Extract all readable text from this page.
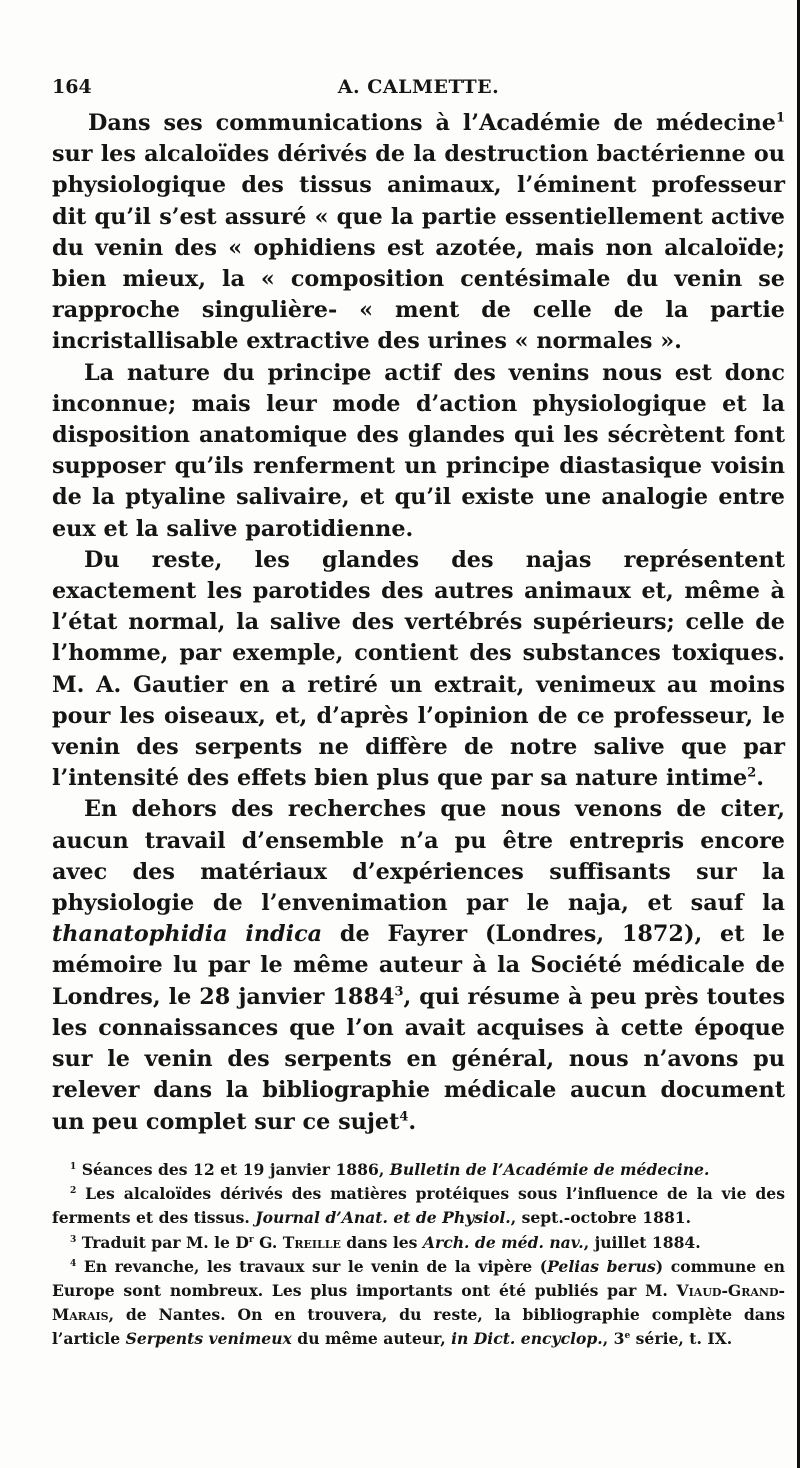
164	A. CALMETTE.

Dans ses communications à l’Académie de médecine$^1$ sur les alcaloïdes dérivés de la destruction bactérienne ou physiologique des tissus animaux, l’éminent professeur dit qu’il s’est assuré « que la partie essentiellement active du venin des « ophidiens est azotée, mais non alcaloïde; bien mieux, la « composition centésimale du venin se rapproche singulière- « ment de celle de la partie incristallisable extractive des urines « normales ».

La nature du principe actif des venins nous est donc inconnue; mais leur mode d’action physiologique et la disposition anatomique des glandes qui les sécrètent font supposer qu’ils renferment un principe diastasique voisin de la ptyaline salivaire, et qu’il existe une analogie entre eux et la salive parotidienne.

Du reste, les glandes des najas représentent exactement les parotides des autres animaux et, même à l’état normal, la salive des vertébrés supérieurs; celle de l’homme, par exemple, contient des substances toxiques. M. A. Gautier en a retiré un extrait, venimeux au moins pour les oiseaux, et, d’après l’opinion de ce professeur, le venin des serpents ne diffère de notre salive que par l’intensité des effets bien plus que par sa nature intime$^2$.

En dehors des recherches que nous venons de citer, aucun travail d’ensemble n’a pu être entrepris encore avec des matériaux d’expériences suffisants sur la physiologie de l’envenimation par le naja, et sauf la thanatophidia indica de Fayrer (Londres, 1872), et le mémoire lu par le même auteur à la Société médicale de Londres, le 28 janvier 1884$^3$, qui résume à peu près toutes les connaissances que l’on avait acquises à cette époque sur le venin des serpents en général, nous n’avons pu relever dans la bibliographie médicale aucun document un peu complet sur ce sujet$^4$.

$^1$ Séances des 12 et 19 janvier 1886, Bulletin de l’Académie de médecine.

$^2$ Les alcaloïdes dérivés des matières protéiques sous l’influence de la vie des ferments et des tissus. Journal d’Anat. et de Physiol., sept.-octobre 1881.

$^3$ Traduit par M. le $D^r$ G. Treille dans les Arch. de méd. nav., juillet 1884.

$^4$ En revanche, les travaux sur le venin de la vipère (Pelias berus) commune en Europe sont nombreux. Les plus importants ont été publiés par M. Viaud-Grand-Marais, de Nantes. On en trouvera, du reste, la bibliographie complète dans l’article Serpents venimeux du même auteur, in Dict. encyclop., 3e série, t. IX.
